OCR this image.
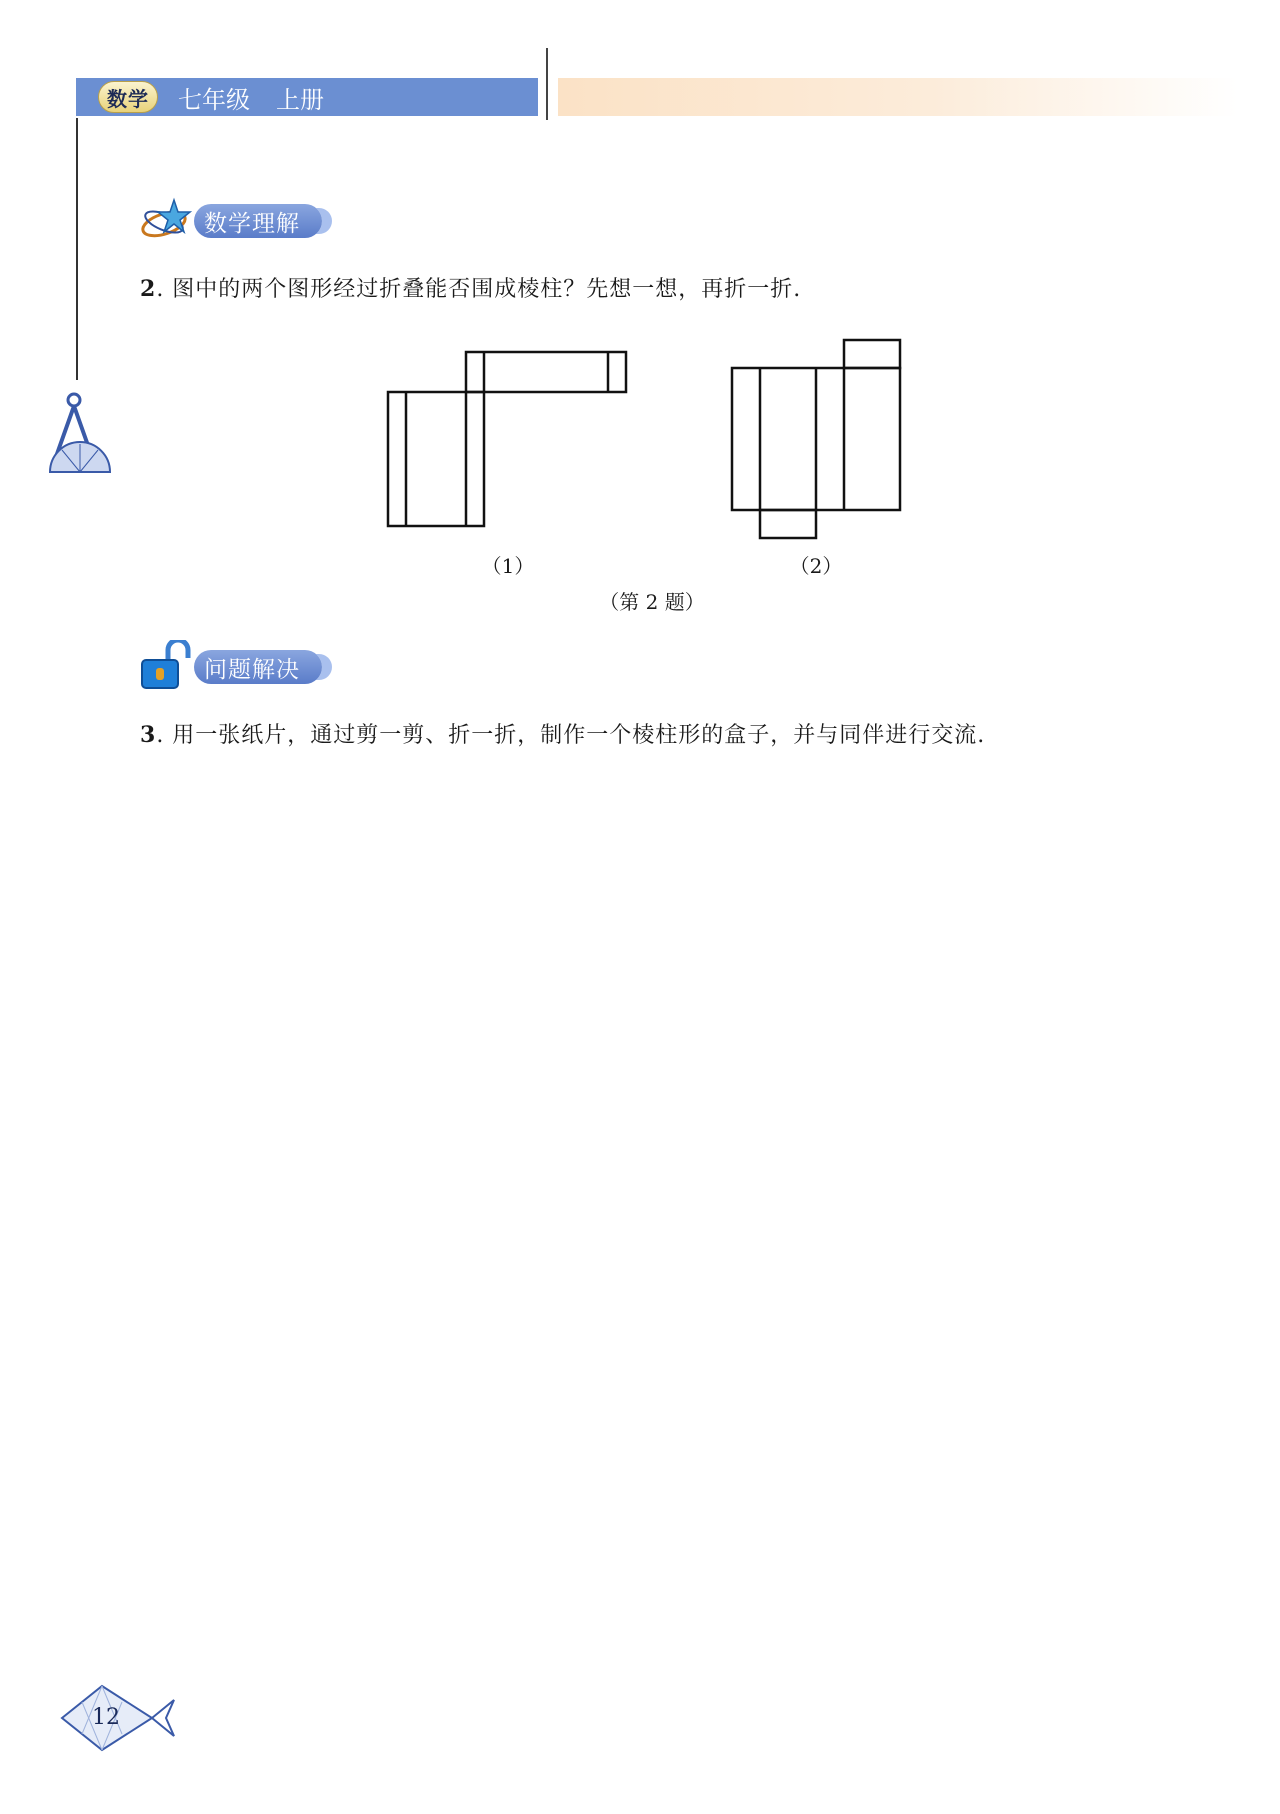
数学	七年级 上册
数学理解
2. 图中的两个图形经过折叠能否围成棱柱？先想一想，再折一折.
（1）	（2）
（第 2 题）
问题解决
3. 用一张纸片，通过剪一剪、折一折，制作一个棱柱形的盒子，并与同伴进行交流.
12
